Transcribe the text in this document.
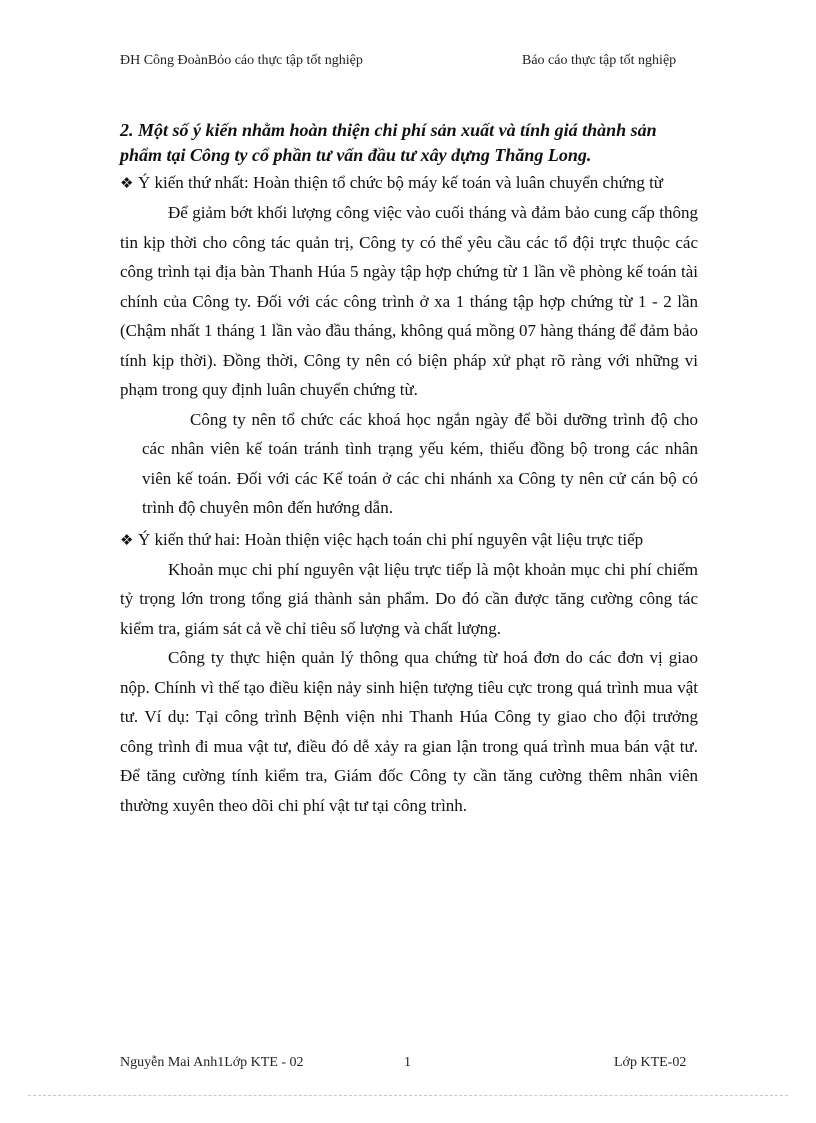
ĐH Công ĐoànBỏo cáo thực tập tốt nghiệp	Báo cáo thực tập tốt nghiệp

2. Một số ý kiến nhằm hoàn thiện chi phí sản xuất và tính giá thành sản phẩm tại Công ty cổ phần tư vấn đầu tư xây dựng Thăng Long.

❖ Ý kiến thứ nhất: Hoàn thiện tổ chức bộ máy kế toán và luân chuyển chứng từ

Để giảm bớt khối lượng công việc vào cuối tháng và đảm bảo cung cấp thông tin kịp thời cho công tác quản trị, Công ty có thể yêu cầu các tổ đội trực thuộc các công trình tại địa bàn Thanh Húa 5 ngày tập hợp chứng từ 1 lần về phòng kế toán tài chính của Công ty. Đối với các công trình ở xa 1 tháng tập hợp chứng từ 1 - 2 lần (Chậm nhất 1 tháng 1 lần vào đầu tháng, không quá mồng 07 hàng tháng để đảm bảo tính kịp thời). Đồng thời, Công ty nên có biện pháp xử phạt rõ ràng với những vi phạm trong quy định luân chuyển chứng từ.

Công ty nên tổ chức các khoá học ngắn ngày để bồi dưỡng trình độ cho các nhân viên kế toán tránh tình trạng yếu kém, thiếu đồng bộ trong các nhân viên kế toán. Đối với các Kế toán ở các chi nhánh xa Công ty nên cử cán bộ có trình độ chuyên môn đến hướng dẫn.

❖ Ý kiến thứ hai: Hoàn thiện việc hạch toán chi phí nguyên vật liệu trực tiếp

Khoản mục chi phí nguyên vật liệu trực tiếp là một khoản mục chi phí chiếm tỷ trọng lớn trong tổng giá thành sản phẩm. Do đó cần được tăng cường công tác kiểm tra, giám sát cả về chỉ tiêu số lượng và chất lượng.

Công ty thực hiện quản lý thông qua chứng từ hoá đơn do các đơn vị giao nộp. Chính vì thế tạo điều kiện nảy sinh hiện tượng tiêu cực trong quá trình mua vật tư. Ví dụ: Tại công trình Bệnh viện nhi Thanh Húa Công ty giao cho đội trưởng công trình đi mua vật tư, điều đó dễ xảy ra gian lận trong quá trình mua bán vật tư. Để tăng cường tính kiểm tra, Giám đốc Công ty cần tăng cường thêm nhân viên thường xuyên theo dõi chi phí vật tư tại công trình.

Nguyễn Mai Anh1Lớp KTE - 02	1	Lớp KTE-02
